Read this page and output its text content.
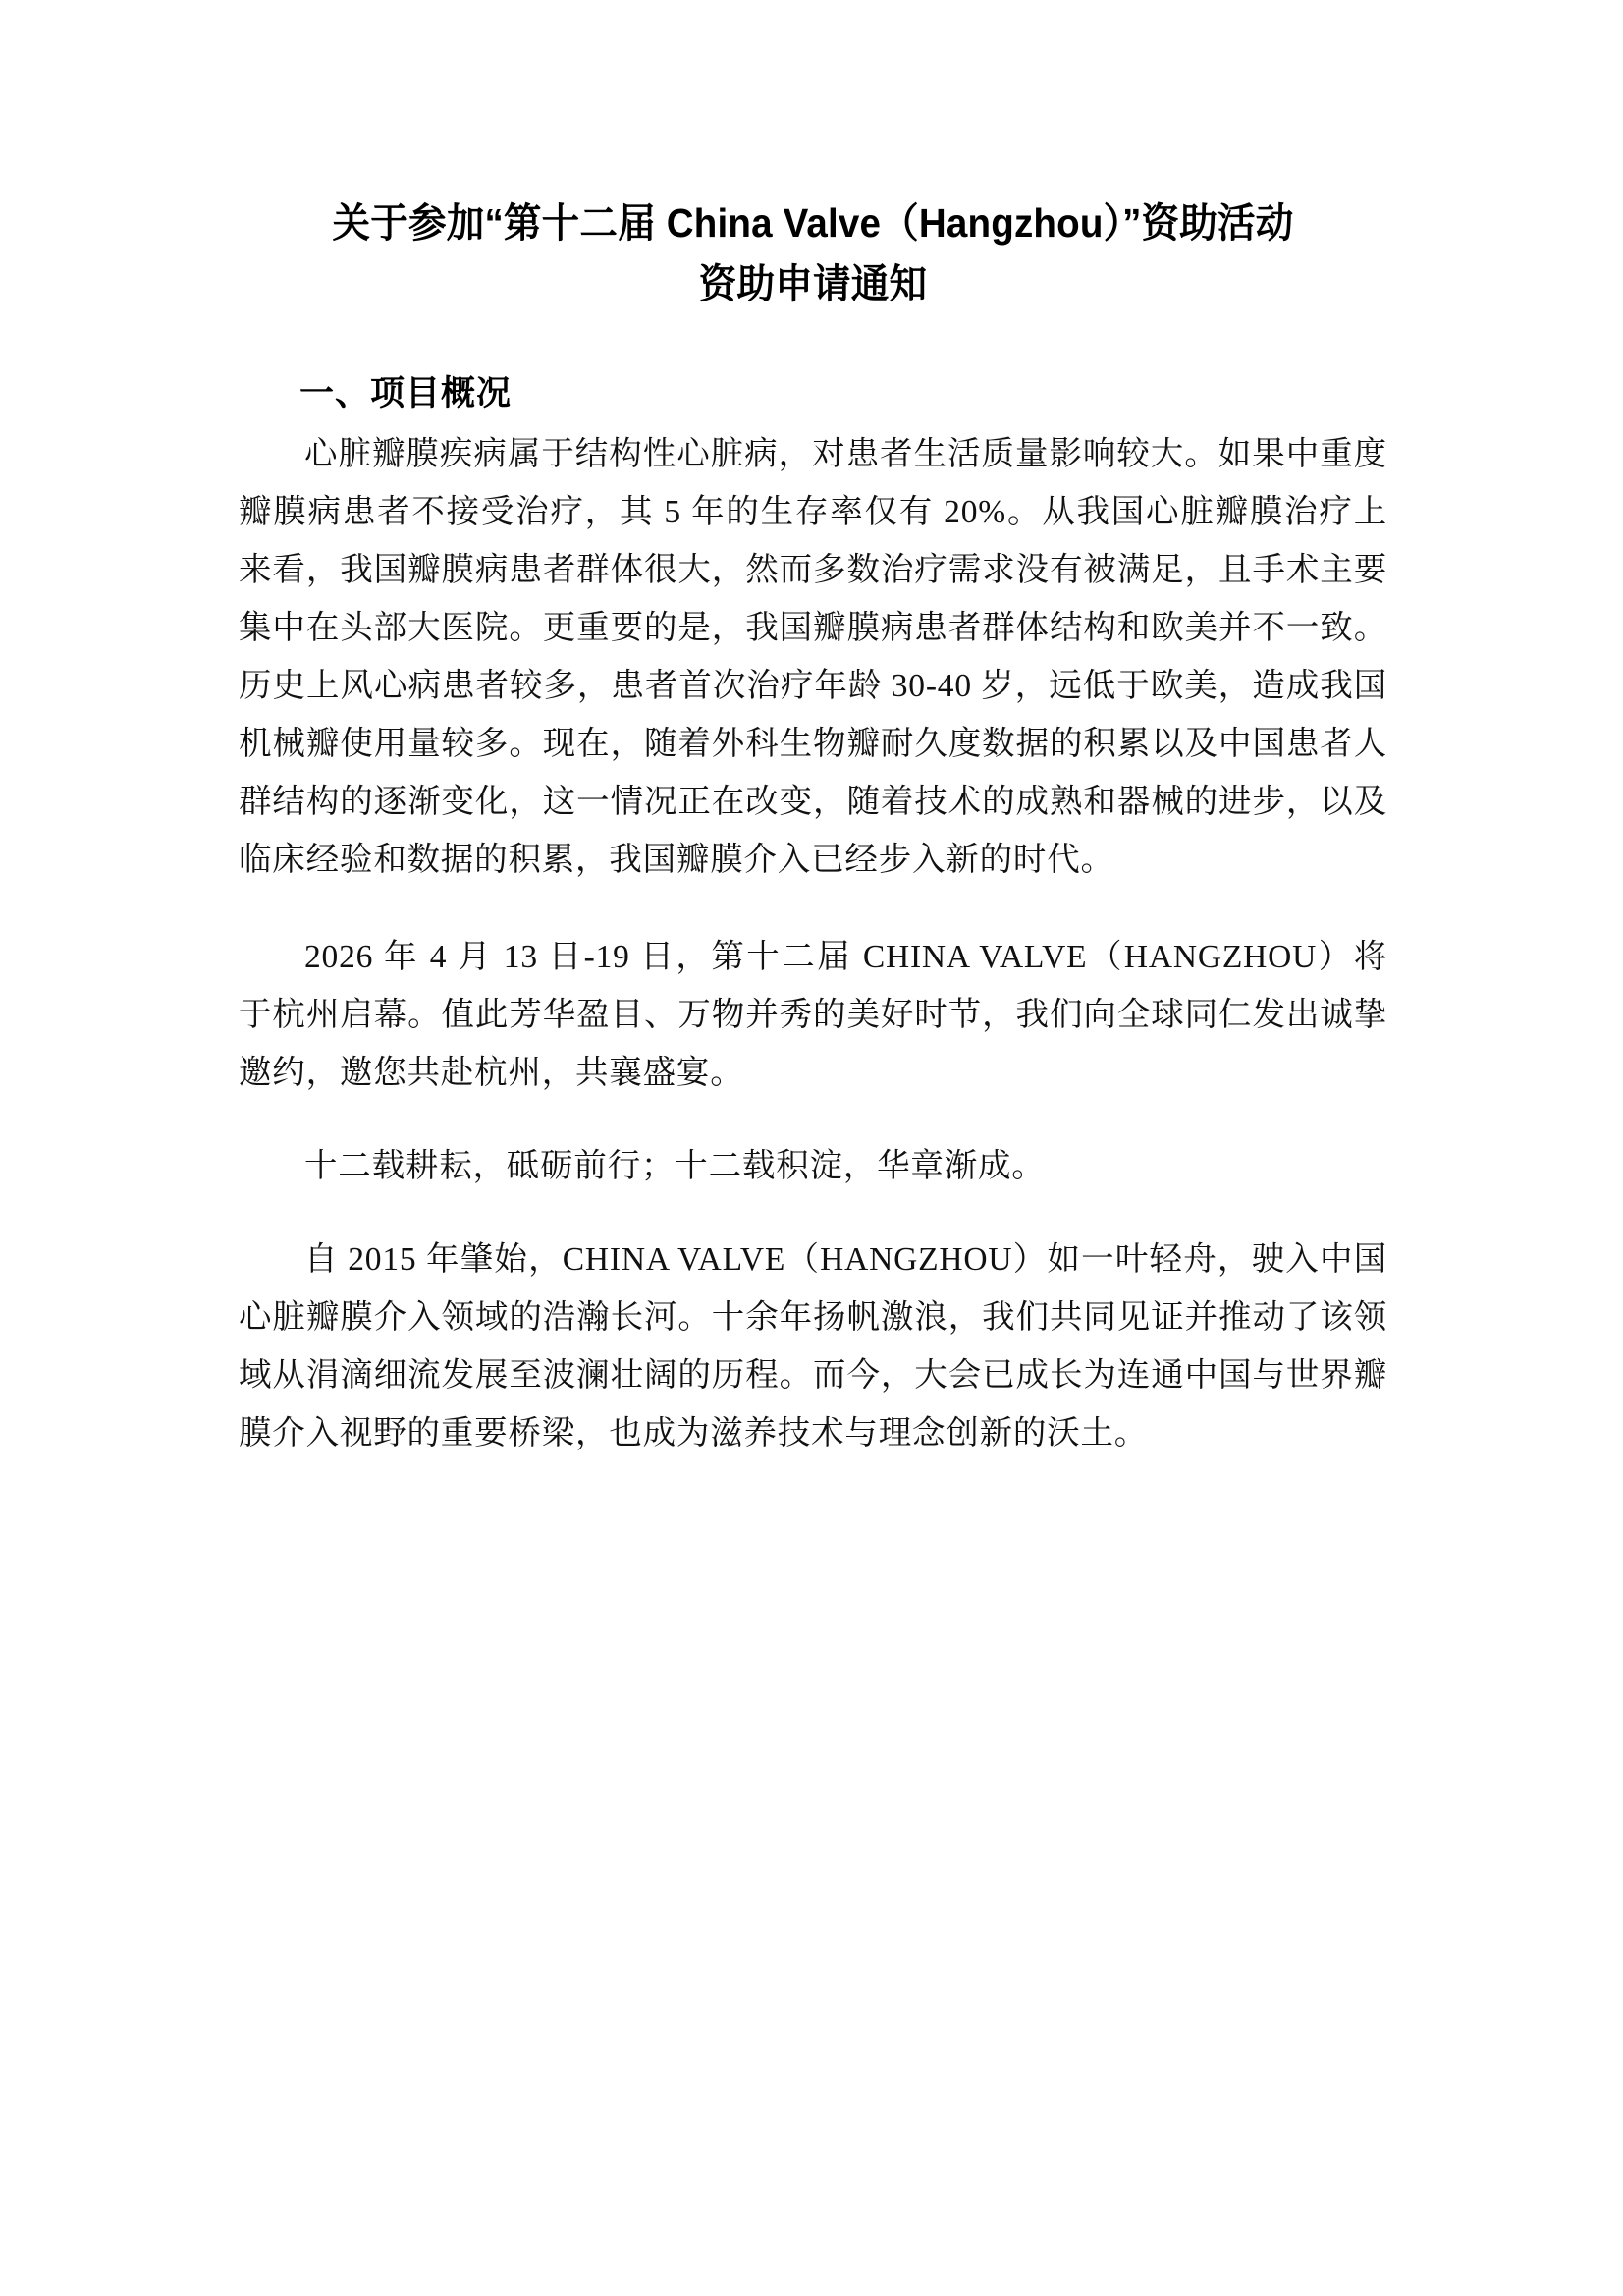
关于参加“第十二届 China Valve（Hangzhou）”资助活动
资助申请通知
一、项目概况

心脏瓣膜疾病属于结构性心脏病，对患者生活质量影响较大。如果中重度瓣膜病患者不接受治疗，其 5 年的生存率仅有 20%。从我国心脏瓣膜治疗上来看，我国瓣膜病患者群体很大，然而多数治疗需求没有被满足，且手术主要集中在头部大医院。更重要的是，我国瓣膜病患者群体结构和欧美并不一致。历史上风心病患者较多，患者首次治疗年龄 30-40 岁，远低于欧美，造成我国机械瓣使用量较多。现在，随着外科生物瓣耐久度数据的积累以及中国患者人群结构的逐渐变化，这一情况正在改变，随着技术的成熟和器械的进步，以及临床经验和数据的积累，我国瓣膜介入已经步入新的时代。

2026 年 4 月 13 日-19 日，第十二届 CHINA VALVE（HANGZHOU）将于杭州启幕。值此芳华盈目、万物并秀的美好时节，我们向全球同仁发出诚挚邀约，邀您共赴杭州，共襄盛宴。

十二载耕耘，砥砺前行；十二载积淀，华章渐成。

自 2015 年肇始，CHINA VALVE（HANGZHOU）如一叶轻舟，驶入中国心脏瓣膜介入领域的浩瀚长河。十余年扬帆激浪，我们共同见证并推动了该领域从涓滴细流发展至波澜壮阔的历程。而今，大会已成长为连通中国与世界瓣膜介入视野的重要桥梁，也成为滋养技术与理念创新的沃土。
